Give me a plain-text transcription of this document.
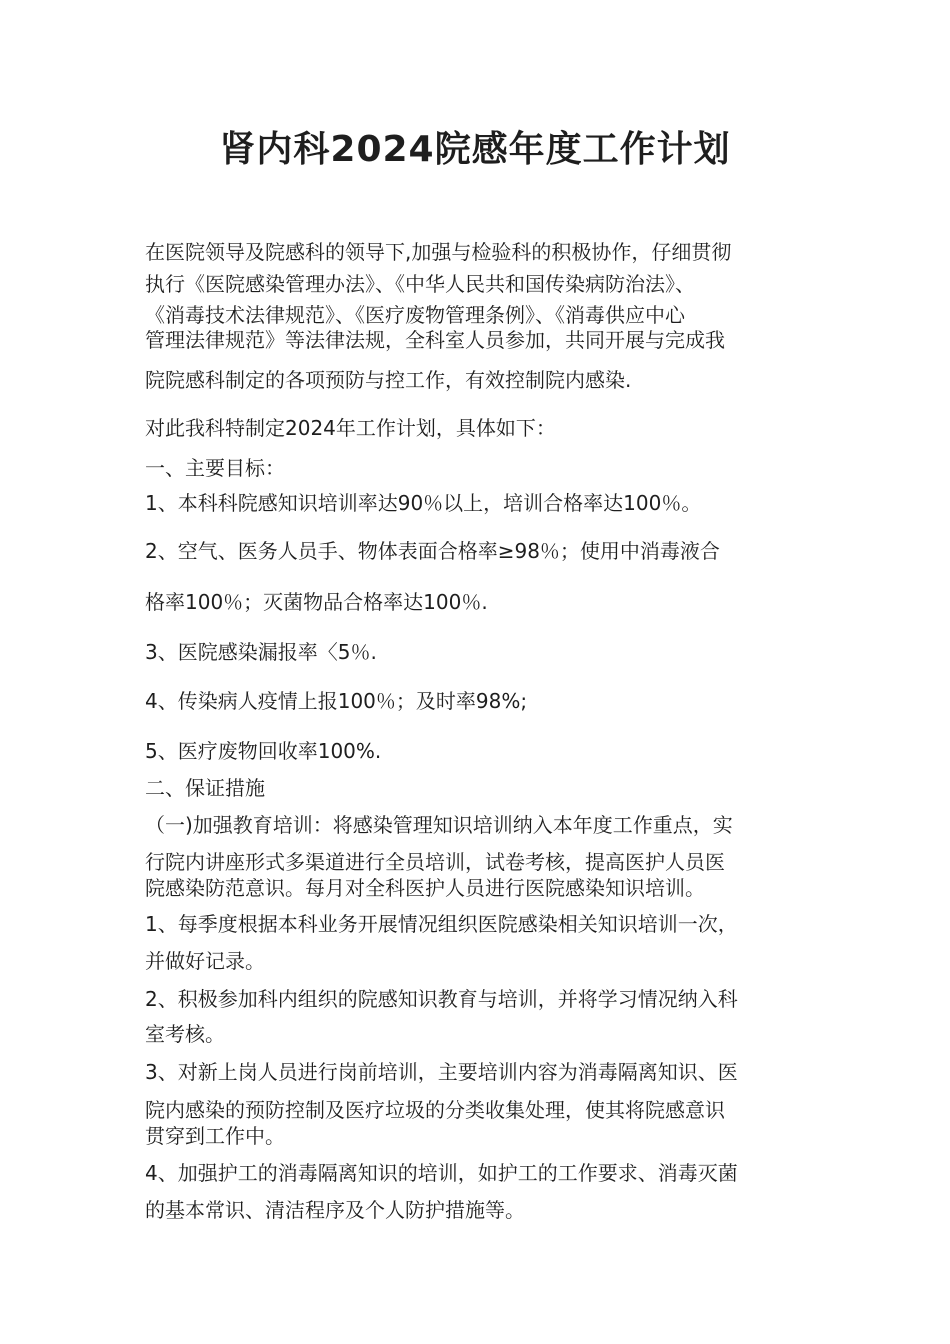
肾内科2024院感年度工作计划
在医院领导及院感科的领导下,加强与检验科的积极协作，仔细贯彻
执行《医院感染管理办法》、《中华人民共和国传染病防治法》、
《消毒技术法律规范》、《医疗废物管理条例》、《消毒供应中心
管理法律规范》等法律法规，全科室人员参加，共同开展与完成我
院院感科制定的各项预防与控工作，有效控制院内感染.
对此我科特制定2024年工作计划，具体如下：
一、主要目标：
1、本科科院感知识培训率达90％以上，培训合格率达100％。
2、空气、医务人员手、物体表面合格率≥98％；使用中消毒液合
格率100％；灭菌物品合格率达100％.
3、医院感染漏报率〈5％.
4、传染病人疫情上报100％；及时率98%;
5、医疗废物回收率100%.
二、保证措施
（一)加强教育培训：将感染管理知识培训纳入本年度工作重点，实
行院内讲座形式多渠道进行全员培训，试卷考核，提高医护人员医
院感染防范意识。每月对全科医护人员进行医院感染知识培训。
1、每季度根据本科业务开展情况组织医院感染相关知识培训一次，
并做好记录。
2、积极参加科内组织的院感知识教育与培训，并将学习情况纳入科
室考核。
3、对新上岗人员进行岗前培训，主要培训内容为消毒隔离知识、医
院内感染的预防控制及医疗垃圾的分类收集处理，使其将院感意识
贯穿到工作中。
4、加强护工的消毒隔离知识的培训，如护工的工作要求、消毒灭菌
的基本常识、清洁程序及个人防护措施等。
